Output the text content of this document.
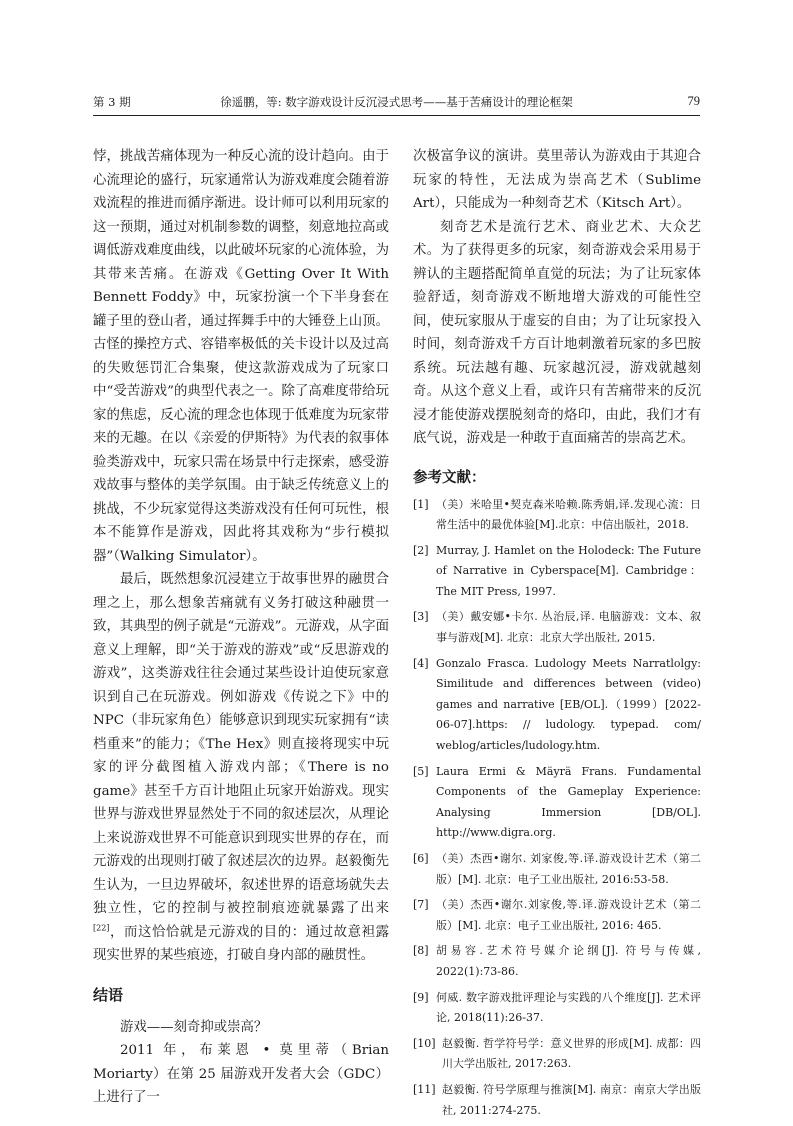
第 3 期	徐遥鹏，等: 数字游戏设计反沉浸式思考——基于苦痛设计的理论框架	79

悖，挑战苦痛体现为一种反心流的设计趋向。由于心流理论的盛行，玩家通常认为游戏难度会随着游戏流程的推进而循序渐进。设计师可以利用玩家的这一预期，通过对机制参数的调整，刻意地拉高或调低游戏难度曲线，以此破坏玩家的心流体验，为其带来苦痛。在游戏《Getting Over It With Bennett Foddy》中，玩家扮演一个下半身套在罐子里的登山者，通过挥舞手中的大锤登上山顶。古怪的操控方式、容错率极低的关卡设计以及过高的失败惩罚汇合集聚，使这款游戏成为了玩家口中“受苦游戏”的典型代表之一。除了高难度带给玩家的焦虑，反心流的理念也体现于低难度为玩家带来的无趣。在以《亲爱的伊斯特》为代表的叙事体验类游戏中，玩家只需在场景中行走探索，感受游戏故事与整体的美学氛围。由于缺乏传统意义上的挑战，不少玩家觉得这类游戏没有任何可玩性，根本不能算作是游戏，因此将其戏称为“步行模拟器”（Walking Simulator）。

最后，既然想象沉浸建立于故事世界的融贯合理之上，那么想象苦痛就有义务打破这种融贯一致，其典型的例子就是“元游戏”。元游戏，从字面意义上理解，即“关于游戏的游戏”或“反思游戏的游戏”，这类游戏往往会通过某些设计迫使玩家意识到自己在玩游戏。例如游戏《传说之下》中的 NPC（非玩家角色）能够意识到现实玩家拥有“读档重来”的能力；《The Hex》则直接将现实中玩家的评分截图植入游戏内部；《There is no game》甚至千方百计地阻止玩家开始游戏。现实世界与游戏世界显然处于不同的叙述层次，从理论上来说游戏世界不可能意识到现实世界的存在，而元游戏的出现则打破了叙述层次的边界。赵毅衡先生认为，一旦边界破坏，叙述世界的语意场就失去独立性，它的控制与被控制痕迹就暴露了出来[22]，而这恰恰就是元游戏的目的：通过故意袒露现实世界的某些痕迹，打破自身内部的融贯性。

结语

游戏——刻奇抑或崇高？

2011 年，布莱恩 • 莫里蒂（Brian Moriarty）在第 25 届游戏开发者大会（GDC）上进行了一

次极富争议的演讲。莫里蒂认为游戏由于其迎合玩家的特性，无法成为崇高艺术（Sublime Art），只能成为一种刻奇艺术（Kitsch Art）。

刻奇艺术是流行艺术、商业艺术、大众艺术。为了获得更多的玩家，刻奇游戏会采用易于辨认的主题搭配简单直觉的玩法；为了让玩家体验舒适，刻奇游戏不断地增大游戏的可能性空间，使玩家服从于虚妄的自由；为了让玩家投入时间，刻奇游戏千方百计地刺激着玩家的多巴胺系统。玩法越有趣、玩家越沉浸，游戏就越刻奇。从这个意义上看，或许只有苦痛带来的反沉浸才能使游戏摆脱刻奇的烙印，由此，我们才有底气说，游戏是一种敢于直面痛苦的崇高艺术。

参考文献：
[1] （美）米哈里•契克森米哈赖.陈秀娟,译.发现心流：日常生活中的最优体验[M].北京：中信出版社，2018.
[2] Murray, J. Hamlet on the Holodeck: The Future of Narrative in Cyberspace[M]. Cambridge：The MIT Press, 1997.
[3] （美）戴安娜•卡尔. 丛治辰,译. 电脑游戏：文本、叙事与游戏[M]. 北京：北京大学出版社, 2015.
[4] Gonzalo Frasca. Ludology Meets Narratlolgy: Similitude and differences between (video) games and narrative [EB/OL].（1999）[2022-06-07].https: // ludology. typepad. com/ weblog/articles/ludology.htm.
[5] Laura Ermi & Mäyrä Frans. Fundamental Components of the Gameplay Experience: Analysing Immersion [DB/OL]. http://www.digra.org.
[6] （美）杰西•谢尔. 刘家俊,等.译.游戏设计艺术（第二版）[M]. 北京：电子工业出版社, 2016:53-58.
[7] （美）杰西•谢尔.刘家俊,等.译.游戏设计艺术（第二版）[M]. 北京：电子工业出版社, 2016: 465.
[8] 胡易容.艺术符号媒介论纲[J]. 符号与传媒, 2022(1):73-86.
[9] 何威. 数字游戏批评理论与实践的八个维度[J]. 艺术评论, 2018(11):26-37.
[10] 赵毅衡. 哲学符号学：意义世界的形成[M]. 成都：四川大学出版社, 2017:263.
[11] 赵毅衡. 符号学原理与推演[M]. 南京：南京大学出版社, 2011:274-275.
